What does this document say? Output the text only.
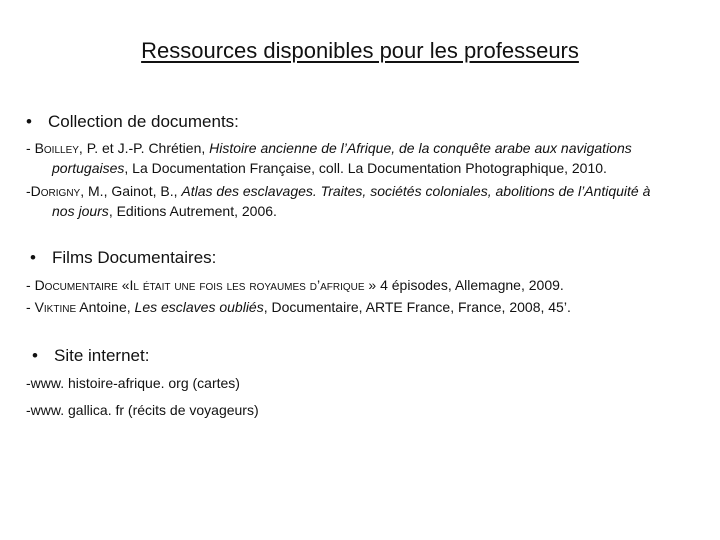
Ressources disponibles pour les professeurs
• Collection de documents:
- Boilley, P. et J.-P. Chrétien, Histoire ancienne de l’Afrique, de la conquête arabe aux navigations
portugaises, La Documentation Française, coll. La Documentation Photographique, 2010.
-Dorigny, M., Gainot, B., Atlas des esclavages. Traites, sociétés coloniales, abolitions de l’Antiquité à
nos jours, Editions Autrement, 2006.
• Films Documentaires:
- Documentaire «Il était une fois les royaumes d’afrique » 4 épisodes, Allemagne, 2009.
- Viktine Antoine, Les esclaves oubliés, Documentaire, ARTE France, France, 2008, 45’.
• Site internet:
-www. histoire-afrique. org (cartes)
-www. gallica. fr (récits de voyageurs)
